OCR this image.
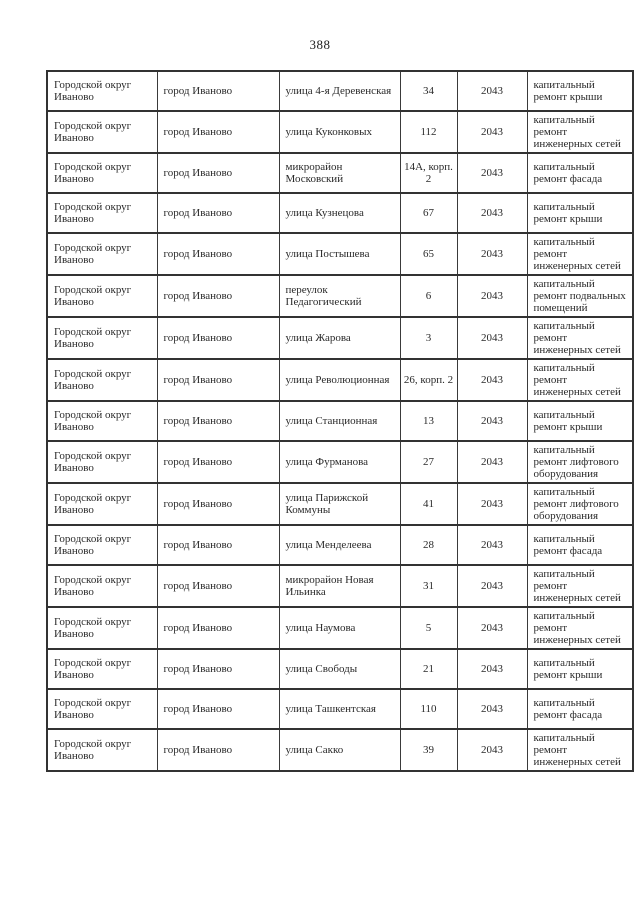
388
Городской округ Иваново	город Иваново	улица 4-я Деревенская	34	2043	капитальный ремонт крыши
Городской округ Иваново	город Иваново	улица Куконковых	112	2043	капитальный ремонт инженерных сетей
Городской округ Иваново	город Иваново	микрорайон Московский	14А, корп. 2	2043	капитальный ремонт фасада
Городской округ Иваново	город Иваново	улица Кузнецова	67	2043	капитальный ремонт крыши
Городской округ Иваново	город Иваново	улица Постышева	65	2043	капитальный ремонт инженерных сетей
Городской округ Иваново	город Иваново	переулок Педагогический	6	2043	капитальный ремонт подвальных помещений
Городской округ Иваново	город Иваново	улица Жарова	3	2043	капитальный ремонт инженерных сетей
Городской округ Иваново	город Иваново	улица Революционная	26, корп. 2	2043	капитальный ремонт инженерных сетей
Городской округ Иваново	город Иваново	улица Станционная	13	2043	капитальный ремонт крыши
Городской округ Иваново	город Иваново	улица Фурманова	27	2043	капитальный ремонт лифтового оборудования
Городской округ Иваново	город Иваново	улица Парижской Коммуны	41	2043	капитальный ремонт лифтового оборудования
Городской округ Иваново	город Иваново	улица Менделеева	28	2043	капитальный ремонт фасада
Городской округ Иваново	город Иваново	микрорайон Новая Ильинка	31	2043	капитальный ремонт инженерных сетей
Городской округ Иваново	город Иваново	улица Наумова	5	2043	капитальный ремонт инженерных сетей
Городской округ Иваново	город Иваново	улица Свободы	21	2043	капитальный ремонт крыши
Городской округ Иваново	город Иваново	улица Ташкентская	110	2043	капитальный ремонт фасада
Городской округ Иваново	город Иваново	улица Сакко	39	2043	капитальный ремонт инженерных сетей
